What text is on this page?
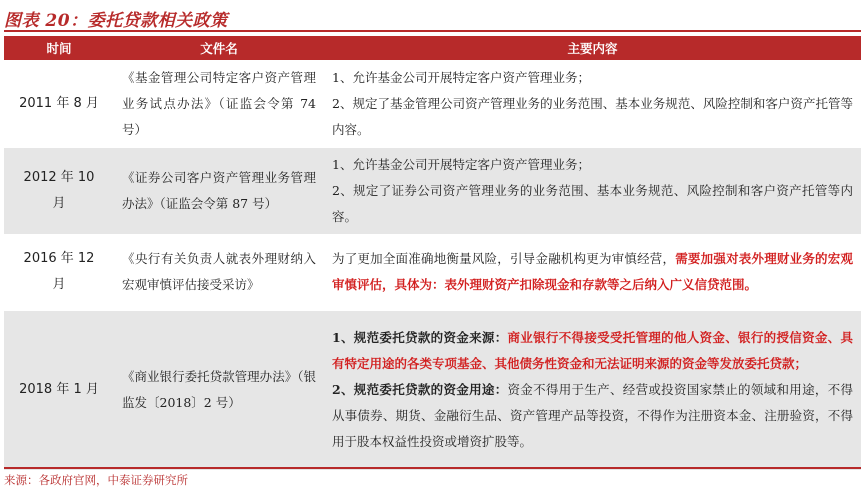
图表 20：委托贷款相关政策
时间	文件名	主要内容
2011 年 8 月	《基金管理公司特定客户资产管理业务试点办法》（证监会令第 74 号）	1、允许基金公司开展特定客户资产管理业务；
2、规定了基金管理公司资产管理业务的业务范围、基本业务规范、风险控制和客户资产托管等内容。

2012 年 10 月	《证券公司客户资产管理业务管理办法》（证监会令第 87 号）	1、允许基金公司开展特定客户资产管理业务；
2、规定了证券公司资产管理业务的业务范围、基本业务规范、风险控制和客户资产托管等内容。

2016 年 12 月	《央行有关负责人就表外理财纳入宏观审慎评估接受采访》	为了更加全面准确地衡量风险，引导金融机构更为审慎经营，需要加强对表外理财业务的宏观审慎评估，具体为：表外理财资产扣除现金和存款等之后纳入广义信贷范围。
2018 年 1 月	《商业银行委托贷款管理办法》（银监发〔2018〕2 号）	1、规范委托贷款的资金来源：商业银行不得接受受托管理的他人资金、银行的授信资金、具有特定用途的各类专项基金、其他债务性资金和无法证明来源的资金等发放委托贷款；
2、规范委托贷款的资金用途：资金不得用于生产、经营或投资国家禁止的领域和用途，不得从事债券、期货、金融衍生品、资产管理产品等投资，不得作为注册资本金、注册验资，不得用于股本权益性投资或增资扩股等。
来源：各政府官网，中泰证券研究所
